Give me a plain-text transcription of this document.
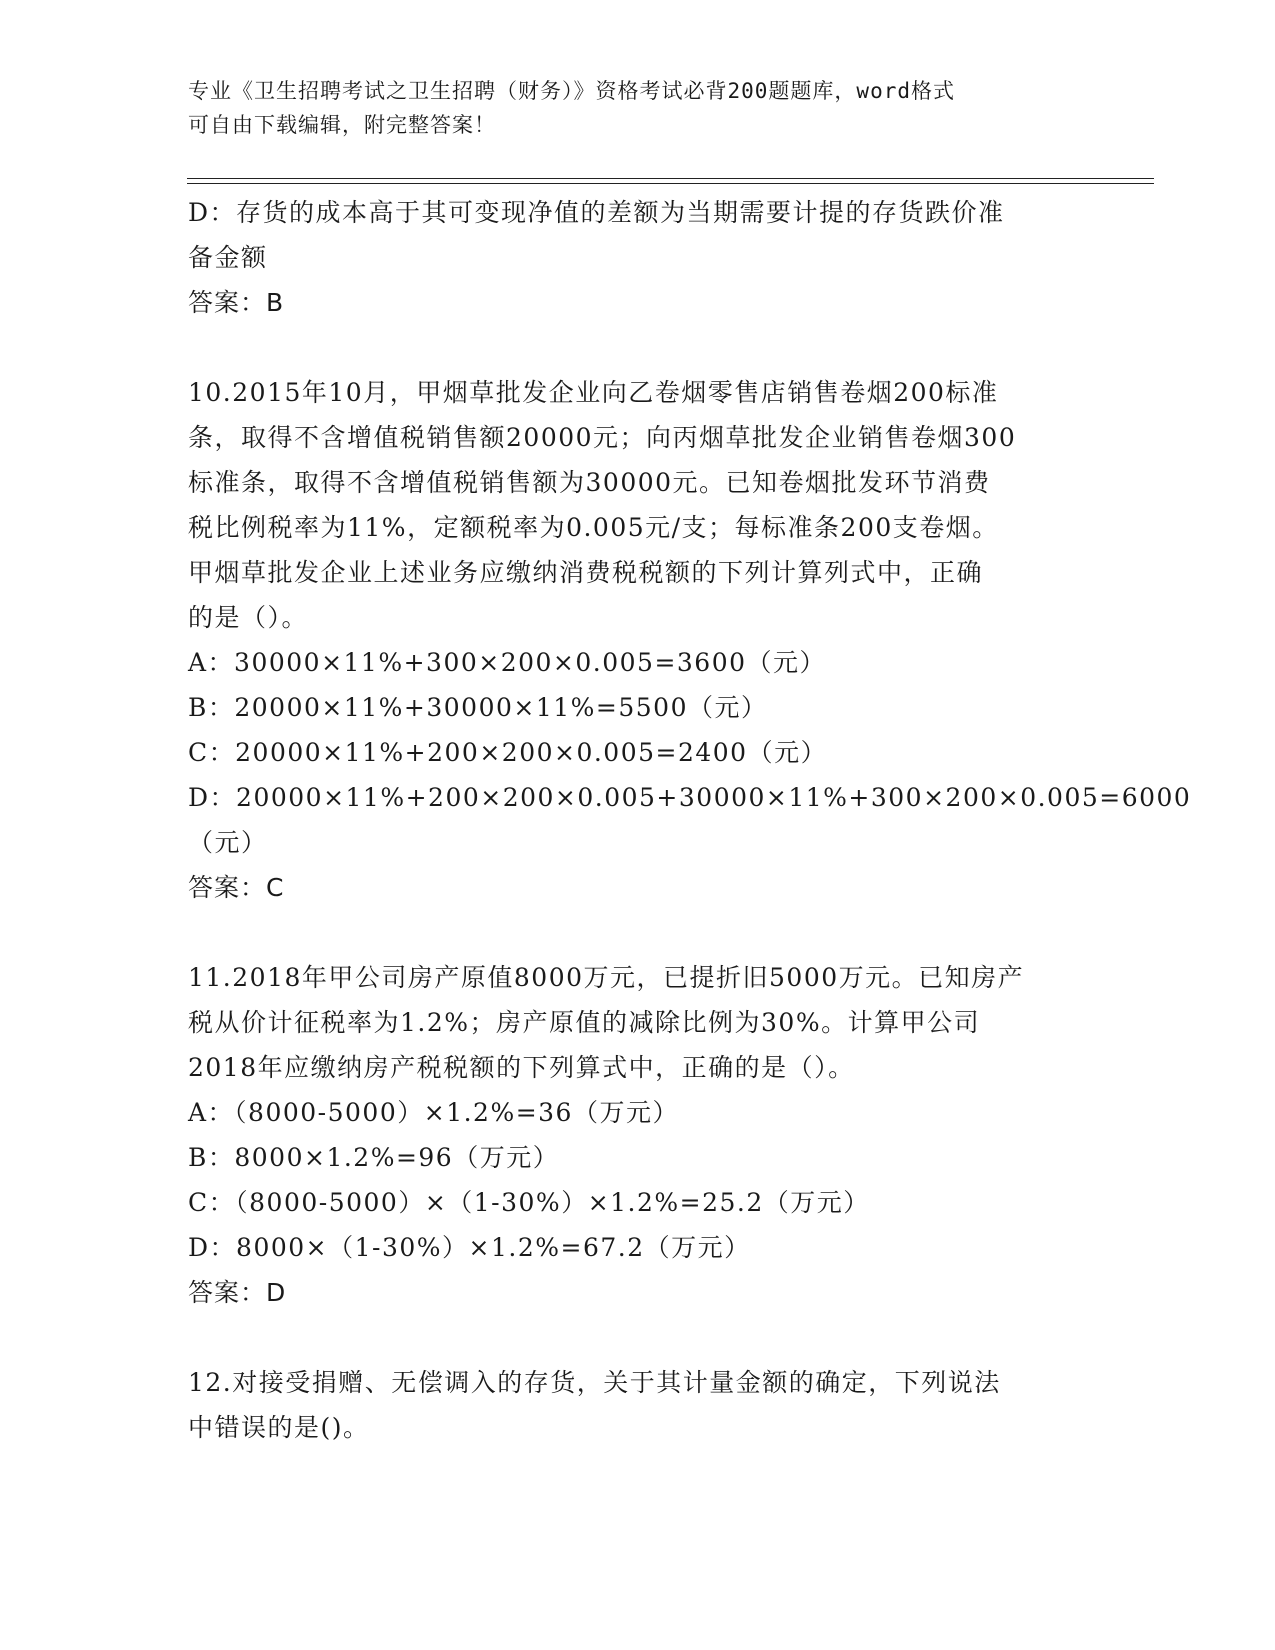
专业《卫生招聘考试之卫生招聘（财务）》资格考试必背200题题库，word格式
可自由下载编辑，附完整答案！
D：存货的成本高于其可变现净值的差额为当期需要计提的存货跌价准
备金额
答案：B
10.2015年10月，甲烟草批发企业向乙卷烟零售店销售卷烟200标准
条，取得不含增值税销售额20000元；向丙烟草批发企业销售卷烟300
标准条，取得不含增值税销售额为30000元。已知卷烟批发环节消费
税比例税率为11%，定额税率为0.005元/支；每标准条200支卷烟。
甲烟草批发企业上述业务应缴纳消费税税额的下列计算列式中，正确
的是（）。
A：30000×11%+300×200×0.005=3600（元）
B：20000×11%+30000×11%=5500（元）
C：20000×11%+200×200×0.005=2400（元）
D：20000×11%+200×200×0.005+30000×11%+300×200×0.005=6000
（元）
答案：C
11.2018年甲公司房产原值8000万元，已提折旧5000万元。已知房产
税从价计征税率为1.2%；房产原值的减除比例为30%。计算甲公司
2018年应缴纳房产税税额的下列算式中，正确的是（）。
A：（8000-5000）×1.2%=36（万元）
B：8000×1.2%=96（万元）
C：（8000-5000）×（1-30%）×1.2%=25.2（万元）
D：8000×（1-30%）×1.2%=67.2（万元）
答案：D
12.对接受捐赠、无偿调入的存货，关于其计量金额的确定，下列说法
中错误的是()。
